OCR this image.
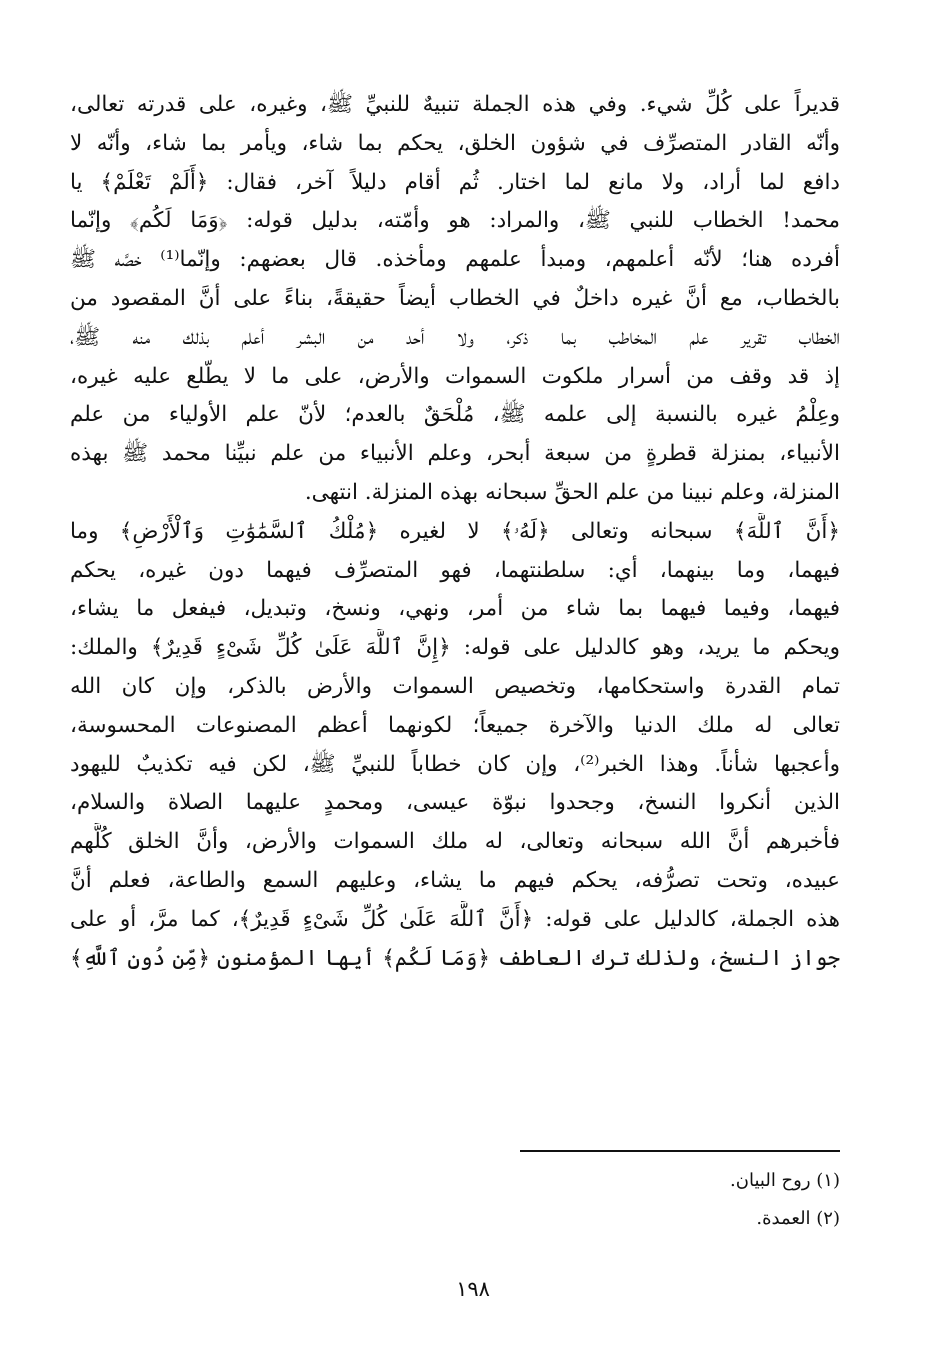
قديراً على كُلِّ شيء. وفي هذه الجملة تنبيهٌ للنبيِّ ﷺ، وغيره، على قدرته تعالى،
وأنّه القادر المتصرِّف في شؤون الخلق، يحكم بما شاء، ويأمر بما شاء، وأنّه لا
دافع لما أراد، ولا مانع لما اختار. ثُم أقام دليلاً آخر، فقال: ﴿أَلَمْ تَعْلَمْ﴾ يا
محمد! الخطاب للنبي ﷺ، والمراد: هو وأمّته، بدليل قوله: ﴿وَمَا لَكُم﴾ وإنّما
أفرده هنا؛ لأنّه أعلمهم، ومبدأ علمهم ومأخذه. قال بعضهم: وإنّما⁽¹⁾ خصَّه ﷺ
بالخطاب، مع أنَّ غيره داخلٌ في الخطاب أيضاً حقيقةً، بناءً على أنَّ المقصود من
الخطاب تقرير علم المخاطب بما ذكر، ولا أحد من البشر أعلم بذلك منه ﷺ،
إذ قد وقف من أسرار ملكوت السموات والأرض، على ما لا يطّلع عليه غيره،
وعِلْمُ غيره بالنسبة إلى علمه ﷺ، مُلْحَقٌ بالعدم؛ لأنّ علم الأولياء من علم
الأنبياء، بمنزلة قطرةٍ من سبعة أبحر، وعلم الأنبياء من علم نبيِّنا محمد ﷺ بهذه
المنزلة، وعلم نبينا من علم الحقِّ سبحانه بهذه المنزلة. انتهى.
﴿أَنَّ ٱللَّهَ﴾ سبحانه وتعالى ﴿لَهُۥ﴾ لا لغيره ﴿مُلْكُ ٱلسَّمَٰوَٰتِ وَٱلْأَرْضِ﴾ وما
فيهما، وما بينهما، أي: سلطنتهما، فهو المتصرِّف فيهما دون غيره، يحكم
فيهما، وفيما فيهما بما شاء من أمر، ونهي، ونسخ، وتبديل، فيفعل ما يشاء،
ويحكم ما يريد، وهو كالدليل على قوله: ﴿إِنَّ ٱللَّهَ عَلَىٰ كُلِّ شَىْءٍ قَدِيرٌ﴾ والملك:
تمام القدرة واستحكامها، وتخصيص السموات والأرض بالذكر، وإن كان الله
تعالى له ملك الدنيا والآخرة جميعاً؛ لكونهما أعظم المصنوعات المحسوسة،
وأعجبها شأناً. وهذا الخبر⁽²⁾، وإن كان خطاباً للنبيِّ ﷺ، لكن فيه تكذيبٌ لليهود
الذين أنكروا النسخ، وجحدوا نبوّة عيسى، ومحمدٍ عليهما الصلاة والسلام،
فأخبرهم أنَّ الله سبحانه وتعالى، له ملك السموات والأرض، وأنَّ الخلق كُلَّهم
عبيده، وتحت تصرُّفه، يحكم فيهم ما يشاء، وعليهم السمع والطاعة، فعلم أنَّ
هذه الجملة، كالدليل على قوله: ﴿أَنَّ ٱللَّهَ عَلَىٰ كُلِّ شَىْءٍ قَدِيرٌ﴾، كما مرَّ، أو على
جواز النسخ، ولذلك ترك العاطف ﴿وَمَا لَكُم﴾ أيها المؤمنون ﴿مِّن دُونِ ٱللَّهِ﴾
(١) روح البيان.
(٢) العمدة.
١٩٨
